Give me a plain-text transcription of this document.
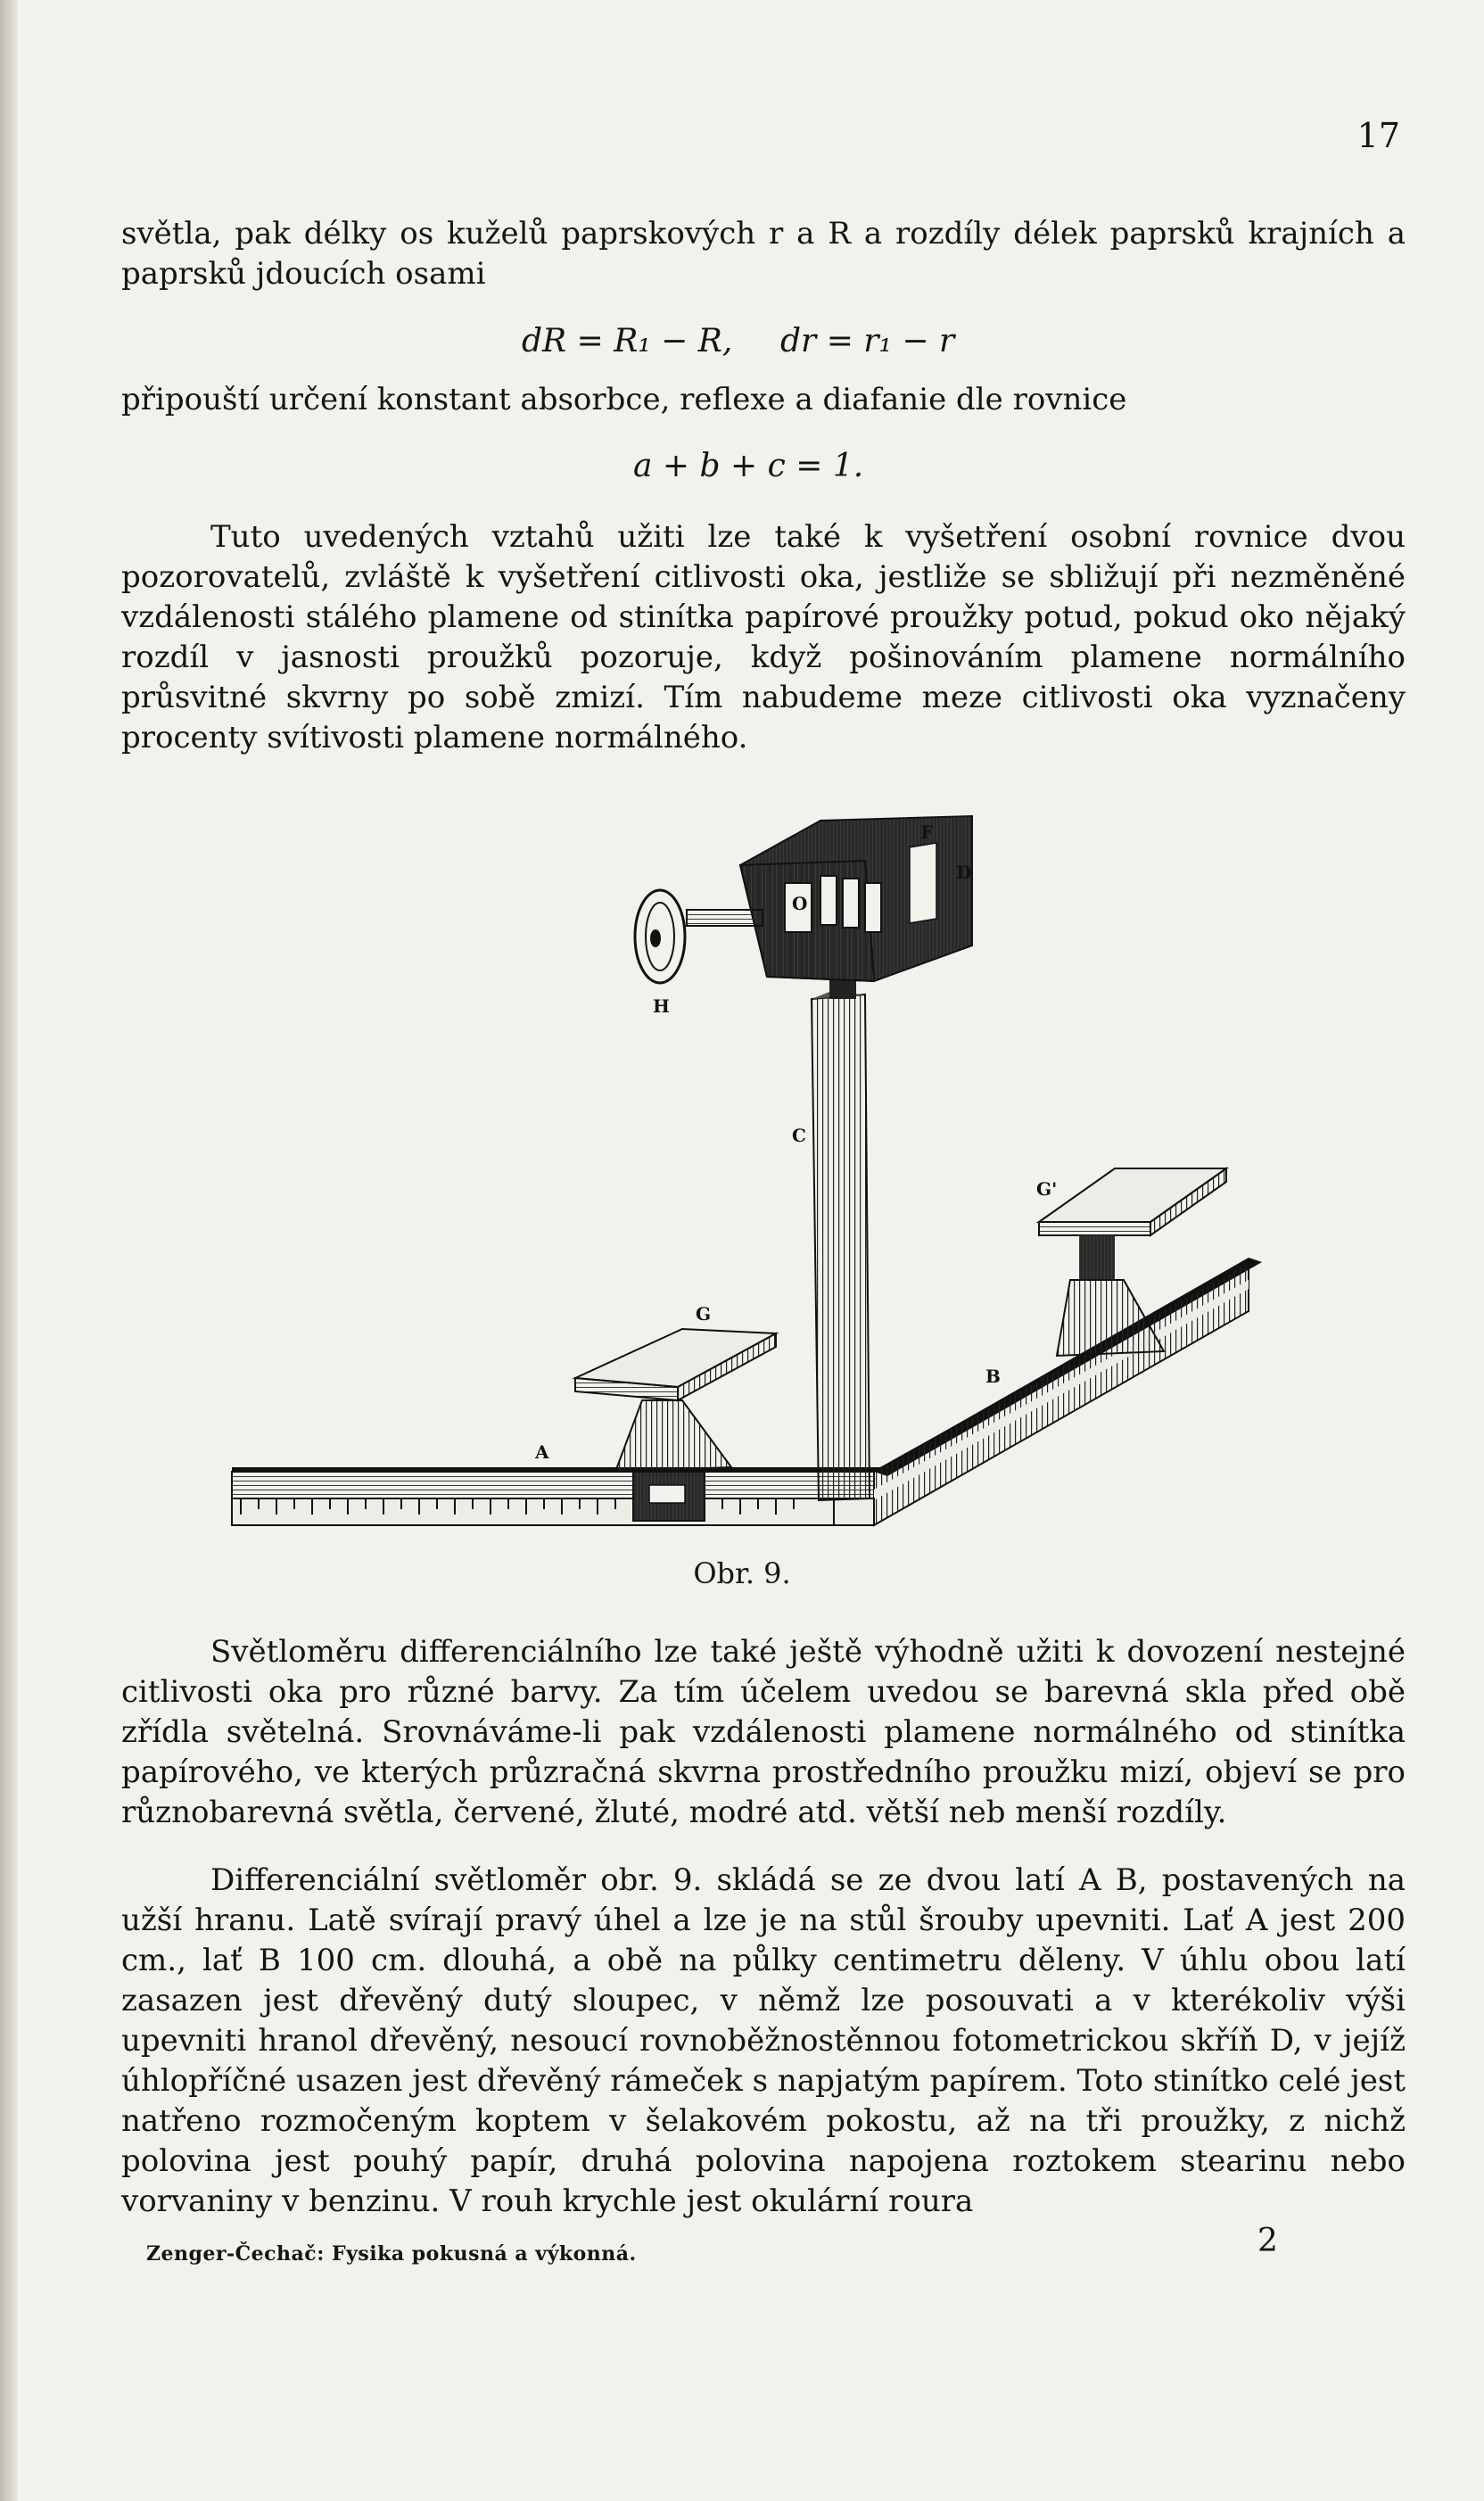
17

světla, pak délky os kuželů paprskových r a R a rozdíly délek paprsků krajních a paprsků jdoucích osami

dR = R₁ − R, dr = r₁ − r
připouští určení konstant absorbce, reflexe a diafanie dle rovnice
a + b + c = 1.

Tuto uvedených vztahů užiti lze také k vyšetření osobní rovnice dvou pozorovatelů, zvláště k vyšetření citlivosti oka, jestliže se sbližují při nezměněné vzdálenosti stálého plamene od stinítka papírové proužky potud, pokud oko nějaký rozdíl v jasnosti proužků pozoruje, když pošinováním plamene normálního průsvitné skvrny po sobě zmizí. Tím nabudeme meze citlivosti oka vyznačeny procenty svítivosti plamene normálného.

F
D
O
H
C
G'
G
B
A
Obr. 9.

Světloměru differenciálního lze také ještě výhodně užiti k dovození nestejné citlivosti oka pro různé barvy. Za tím účelem uvedou se barevná skla před obě zřídla světelná. Srovnáváme-li pak vzdálenosti plamene normálného od stinítka papírového, ve kterých průzračná skvrna prostředního proužku mizí, objeví se pro různobarevná světla, červené, žluté, modré atd. větší neb menší rozdíly.

Differenciální světloměr obr. 9. skládá se ze dvou latí A B, postavených na užší hranu. Latě svírají pravý úhel a lze je na stůl šrouby upevniti. Lať A jest 200 cm., lať B 100 cm. dlouhá, a obě na půlky centimetru děleny. V úhlu obou latí zasazen jest dřevěný dutý sloupec, v němž lze posouvati a v kterékoliv výši upevniti hranol dřevěný, nesoucí rovnoběžnostěnnou fotometrickou skříň D, v jejíž úhlopříčné usazen jest dřevěný rámeček s napjatým papírem. Toto stinítko celé jest natřeno rozmočeným koptem v šelakovém pokostu, až na tři proužky, z nichž polovina jest pouhý papír, druhá polovina napojena roztokem stearinu nebo vorvaniny v benzinu. V rouh krychle jest okulární roura

Zenger-Čechač: Fysika pokusná a výkonná.	2
